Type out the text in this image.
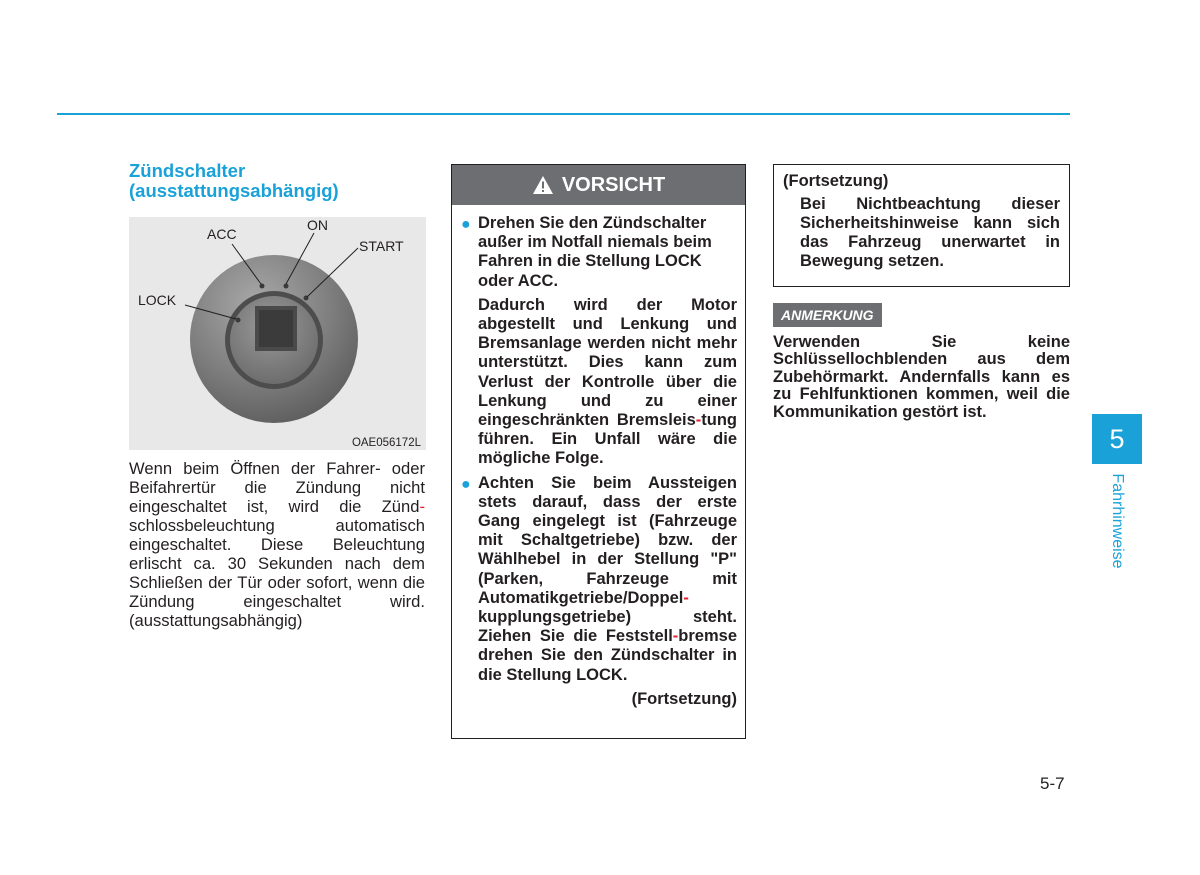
Zündschalter
(ausstattungsabhängig)
ACC
ON
START
LOCK
OAE056172L

Wenn beim Öffnen der Fahrer- oder Beifahrertür die Zündung nicht eingeschaltet ist, wird die Zünd-schlossbeleuchtung automatisch eingeschaltet. Diese Beleuchtung erlischt ca. 30 Sekunden nach dem Schließen der Tür oder sofort, wenn die Zündung eingeschaltet wird. (ausstattungsabhängig)

VORSICHT
● Drehen Sie den Zündschalter außer im Notfall niemals beim Fahren in die Stellung LOCK oder ACC.

Dadurch wird der Motor abgestellt und Lenkung und Bremsanlage werden nicht mehr unterstützt. Dies kann zum Verlust der Kontrolle über die Lenkung und zu einer eingeschränkten Bremsleis-tung führen. Ein Unfall wäre die mögliche Folge.

● Achten Sie beim Aussteigen stets darauf, dass der erste Gang eingelegt ist (Fahrzeuge mit Schaltgetriebe) bzw. der Wählhebel in der Stellung "P" (Parken, Fahrzeuge mit Automatikgetriebe/Doppel-kupplungsgetriebe) steht. Ziehen Sie die Feststell-bremse drehen Sie den Zündschalter in die Stellung LOCK.

(Fortsetzung)

(Fortsetzung)

Bei Nichtbeachtung dieser Sicherheitshinweise kann sich das Fahrzeug unerwartet in Bewegung setzen.

ANMERKUNG

Verwenden Sie keine Schlüssellochblenden aus dem Zubehörmarkt. Andernfalls kann es zu Fehlfunktionen kommen, weil die Kommunikation gestört ist.

5
Fahrhinweise
5-7
